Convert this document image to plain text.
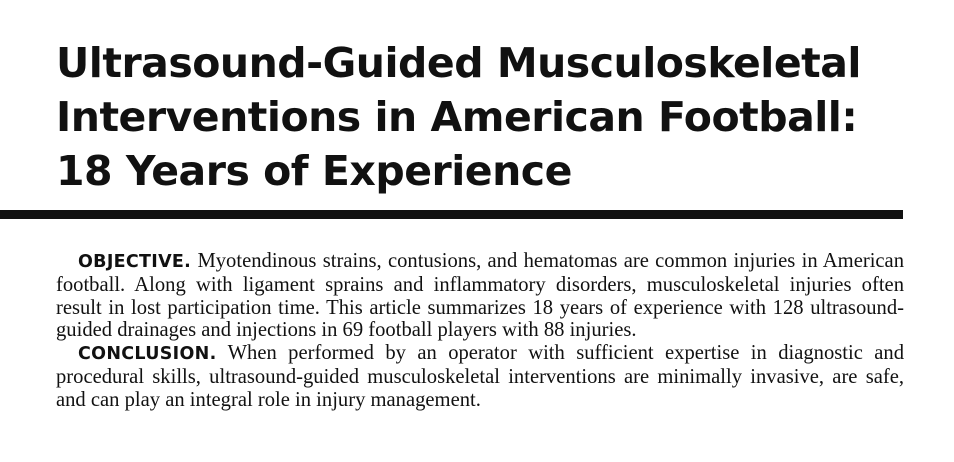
Ultrasound-Guided Musculoskeletal
Interventions in American Football:
18 Years of Experience

OBJECTIVE. Myotendinous strains, contusions, and hematomas are common injuries in American football. Along with ligament sprains and inflammatory disorders, musculoskeletal injuries often result in lost participation time. This article summarizes 18 years of experience with 128 ultrasound-guided drainages and injections in 69 football players with 88 injuries.

CONCLUSION. When performed by an operator with sufficient expertise in diagnostic and procedural skills, ultrasound-guided musculoskeletal interventions are minimally invasive, are safe, and can play an integral role in injury management.
